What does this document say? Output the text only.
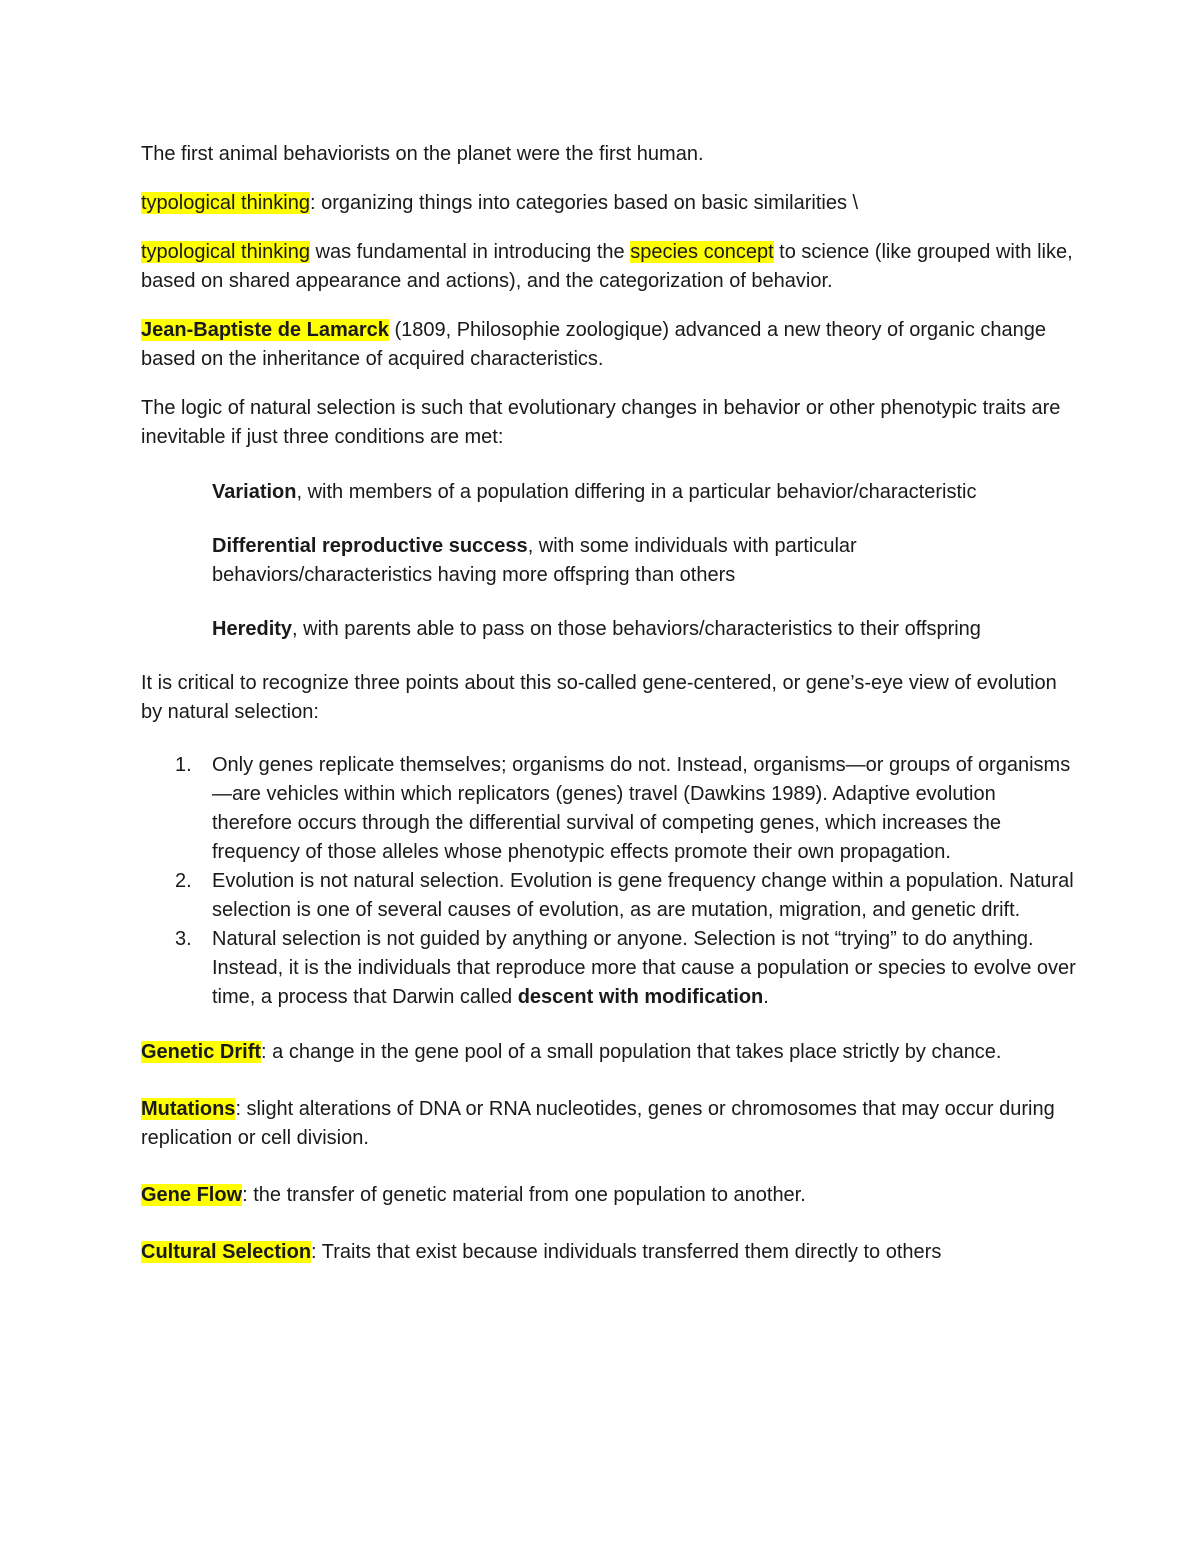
The first animal behaviorists on the planet were the first human.

typological thinking: organizing things into categories based on basic similarities \

typological thinking was fundamental in introducing the species concept to science (like grouped with like, based on shared appearance and actions), and the categorization of behavior.

Jean-Baptiste de Lamarck (1809, Philosophie zoologique) advanced a new theory of organic change based on the inheritance of acquired characteristics.

The logic of natural selection is such that evolutionary changes in behavior or other phenotypic traits are inevitable if just three conditions are met:

Variation, with members of a population differing in a particular behavior/characteristic

Differential reproductive success, with some individuals with particular behaviors/characteristics having more offspring than others

Heredity, with parents able to pass on those behaviors/characteristics to their offspring

It is critical to recognize three points about this so-called gene-centered, or gene’s-eye view of evolution by natural selection:

1. Only genes replicate themselves; organisms do not. Instead, organisms—or groups of organisms—are vehicles within which replicators (genes) travel (Dawkins 1989). Adaptive evolution therefore occurs through the differential survival of competing genes, which increases the frequency of those alleles whose phenotypic effects promote their own propagation.
2. Evolution is not natural selection. Evolution is gene frequency change within a population. Natural selection is one of several causes of evolution, as are mutation, migration, and genetic drift.
3. Natural selection is not guided by anything or anyone. Selection is not “trying” to do anything. Instead, it is the individuals that reproduce more that cause a population or species to evolve over time, a process that Darwin called descent with modification.

Genetic Drift: a change in the gene pool of a small population that takes place strictly by chance.

Mutations: slight alterations of DNA or RNA nucleotides, genes or chromosomes that may occur during replication or cell division.

Gene Flow: the transfer of genetic material from one population to another.

Cultural Selection: Traits that exist because individuals transferred them directly to others
